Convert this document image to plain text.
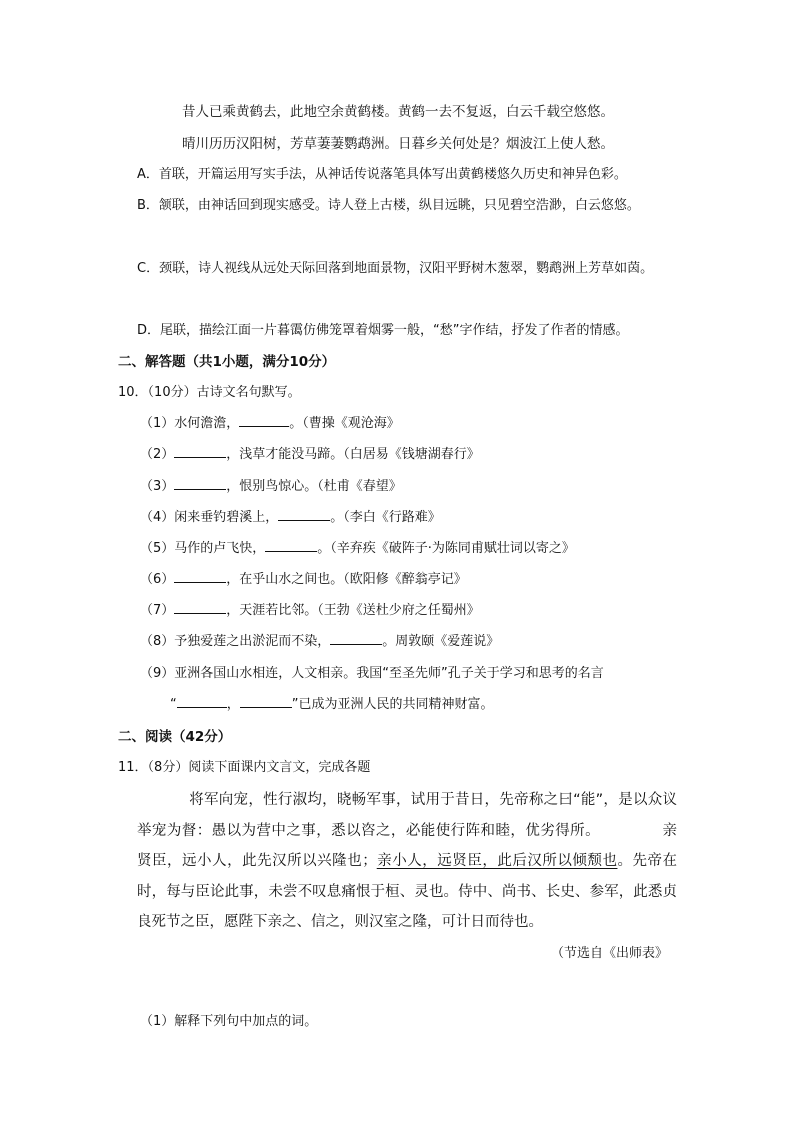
昔人已乘黄鹤去，此地空余黄鹤楼。黄鹤一去不复返，白云千载空悠悠。
晴川历历汉阳树，芳草萋萋鹦鹉洲。日暮乡关何处是？烟波江上使人愁。
A．首联，开篇运用写实手法，从神话传说落笔具体写出黄鹤楼悠久历史和神异色彩。
B．颔联，由神话回到现实感受。诗人登上古楼，纵目远眺，只见碧空浩渺，白云悠悠。
C．颈联，诗人视线从远处天际回落到地面景物，汉阳平野树木葱翠，鹦鹉洲上芳草如茵。
D．尾联，描绘江面一片暮霭仿佛笼罩着烟雾一般，“愁”字作结，抒发了作者的情感。
二、解答题（共1小题，满分10分）
10．（10分）古诗文名句默写。
（1）水何澹澹，	。（曹操《观沧海》
（2）	，浅草才能没马蹄。（白居易《钱塘湖春行》
（3）	，恨别鸟惊心。（杜甫《春望》
（4）闲来垂钓碧溪上，	。（李白《行路难》
（5）马作的卢飞快，	。（辛弃疾《破阵子·为陈同甫赋壮词以寄之》
（6）	，在乎山水之间也。（欧阳修《醉翁亭记》
（7）	，天涯若比邻。（王勃《送杜少府之任蜀州》
（8）予独爱莲之出淤泥而不染，	。周敦颐《爱莲说》
（9）亚洲各国山水相连，人文相亲。我国“至圣先师”孔子关于学习和思考的名言
“	，	”已成为亚洲人民的共同精神财富。
二、阅读（42分）
11．（8分）阅读下面课内文言文，完成各题
将军向宠，性行淑均，晓畅军事，试用于昔日，先帝称之曰“能”，是以众议举宠为督：愚以为营中之事，悉以咨之，必能使行阵和睦，优劣得所。	亲贤臣，远小人，此先汉所以兴隆也；亲小人，远贤臣，此后汉所以倾颓也。先帝在时，每与臣论此事，未尝不叹息痛恨于桓、灵也。侍中、尚书、长史、参军，此悉贞良死节之臣，愿陛下亲之、信之，则汉室之隆，可计日而待也。
（节选自《出师表》
（1）解释下列句中加点的词。
